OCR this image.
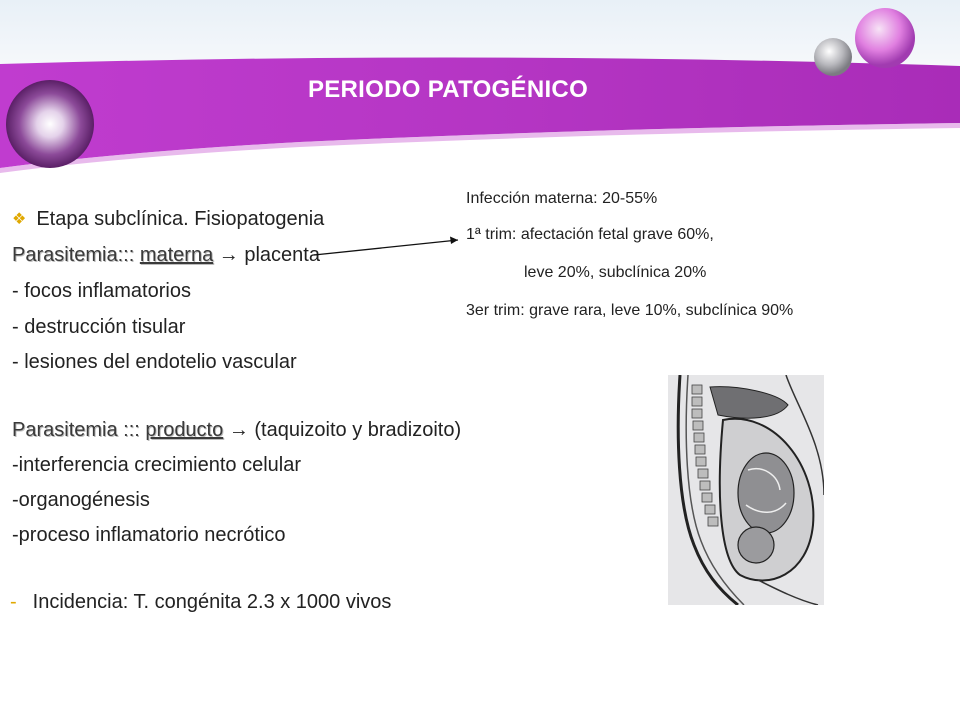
PERIODO PATOGÉNICO
❖ Etapa subclínica. Fisiopatogenia
Parasitemia::: materna → placenta
- focos inflamatorios
- destrucción tisular
- lesiones del endotelio vascular
Parasitemia ::: producto → (taquizoito y bradizoito)
-interferencia crecimiento celular
-organogénesis
-proceso inflamatorio necrótico
- Incidencia: T. congénita 2.3 x 1000 vivos
Infección materna: 20-55%
1ª trim: afectación fetal grave 60%,
leve 20%, subclínica 20%
3er trim: grave rara, leve 10%, subclínica 90%
